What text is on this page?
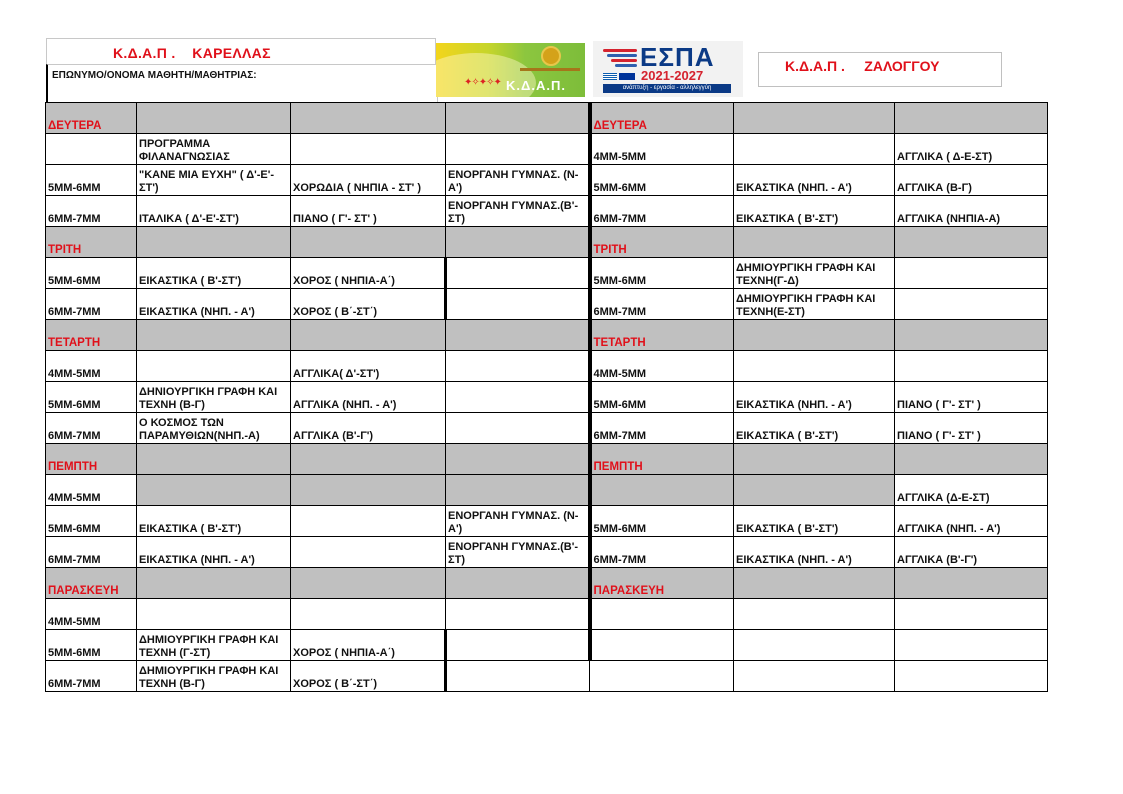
Κ.Δ.Α.Π .    ΚΑΡΕΛΛΑΣ
ΕΠΩΝΥΜΟ/ΟΝΟΜΑ ΜΑΘΗΤΗ/ΜΑΘΗΤΡΙΑΣ:
✦✧✦✧✦ Κ.Δ.Α.Π.
ΕΣΠΑ
2021-2027
ανάπτυξη - εργασία - αλληλεγγύη
Κ.Δ.Α.Π .     ΖΑΛΟΓΓΟΥ
ΔΕΥΤΕΡΑ				ΔΕΥΤΕΡΑ		
	ΠΡΟΓΡΑΜΜΑ ΦΙΛΑΝΑΓΝΩΣΙΑΣ			4ΜΜ-5ΜΜ		ΑΓΓΛΙΚΑ ( Δ-Ε-ΣΤ)
5ΜΜ-6ΜΜ	"ΚΑΝΕ ΜΙΑ ΕΥΧΗ" ( Δ'-Ε'-ΣΤ')	ΧΟΡΩΔΙΑ ( ΝΗΠΙΑ - ΣΤ' )	ΕΝΟΡΓΑΝΗ ΓΥΜΝΑΣ. (Ν-Α')	5ΜΜ-6ΜΜ	ΕΙΚΑΣΤΙΚΑ (ΝΗΠ. - Α')	ΑΓΓΛΙΚΑ (Β-Γ)
6ΜΜ-7ΜΜ	ΙΤΑΛΙΚΑ ( Δ'-Ε'-ΣΤ')	ΠΙΑΝΟ ( Γ'- ΣΤ' )	ΕΝΟΡΓΑΝΗ ΓΥΜΝΑΣ.(Β'-ΣΤ)	6ΜΜ-7ΜΜ	ΕΙΚΑΣΤΙΚΑ ( Β'-ΣΤ')	ΑΓΓΛΙΚΑ (ΝΗΠΙΑ-Α)
ΤΡΙΤΗ				ΤΡΙΤΗ		
5ΜΜ-6ΜΜ	ΕΙΚΑΣΤΙΚΑ ( Β'-ΣΤ')	ΧΟΡΟΣ ( ΝΗΠΙΑ-Α΄)		5ΜΜ-6ΜΜ	ΔΗΜΙΟΥΡΓΙΚΗ ΓΡΑΦΗ ΚΑΙ ΤΕΧΝΗ(Γ-Δ)	
6ΜΜ-7ΜΜ	ΕΙΚΑΣΤΙΚΑ (ΝΗΠ. - Α')	ΧΟΡΟΣ ( Β΄-ΣΤ΄)		6ΜΜ-7ΜΜ	ΔΗΜΙΟΥΡΓΙΚΗ ΓΡΑΦΗ ΚΑΙ ΤΕΧΝΗ(Ε-ΣΤ)	
ΤΕΤΑΡΤΗ				ΤΕΤΑΡΤΗ		
4ΜΜ-5ΜΜ		ΑΓΓΛΙΚΑ( Δ'-ΣΤ')		4ΜΜ-5ΜΜ		
5ΜΜ-6ΜΜ	ΔΗΝΙΟΥΡΓΙΚΗ ΓΡΑΦΗ ΚΑΙ ΤΕΧΝΗ (Β-Γ)	ΑΓΓΛΙΚΑ (ΝΗΠ. - Α')		5ΜΜ-6ΜΜ	ΕΙΚΑΣΤΙΚΑ (ΝΗΠ. - Α')	ΠΙΑΝΟ ( Γ'- ΣΤ' )
6ΜΜ-7ΜΜ	Ο ΚΟΣΜΟΣ ΤΩΝ ΠΑΡΑΜΥΘΙΩΝ(ΝΗΠ.-Α)	ΑΓΓΛΙΚΑ (Β'-Γ')		6ΜΜ-7ΜΜ	ΕΙΚΑΣΤΙΚΑ ( Β'-ΣΤ')	ΠΙΑΝΟ ( Γ'- ΣΤ' )
ΠΕΜΠΤΗ				ΠΕΜΠΤΗ		
4ΜΜ-5ΜΜ						ΑΓΓΛΙΚΑ (Δ-Ε-ΣΤ)
5ΜΜ-6ΜΜ	ΕΙΚΑΣΤΙΚΑ ( Β'-ΣΤ')		ΕΝΟΡΓΑΝΗ ΓΥΜΝΑΣ. (Ν-Α')	5ΜΜ-6ΜΜ	ΕΙΚΑΣΤΙΚΑ ( Β'-ΣΤ')	ΑΓΓΛΙΚΑ (ΝΗΠ. - Α')
6ΜΜ-7ΜΜ	ΕΙΚΑΣΤΙΚΑ (ΝΗΠ. - Α')		ΕΝΟΡΓΑΝΗ ΓΥΜΝΑΣ.(Β'-ΣΤ)	6ΜΜ-7ΜΜ	ΕΙΚΑΣΤΙΚΑ (ΝΗΠ. - Α')	ΑΓΓΛΙΚΑ (Β'-Γ')
ΠΑΡΑΣΚΕΥΗ				ΠΑΡΑΣΚΕΥΗ		
4ΜΜ-5ΜΜ						
5ΜΜ-6ΜΜ	ΔΗΜΙΟΥΡΓΙΚΗ ΓΡΑΦΗ ΚΑΙ ΤΕΧΝΗ (Γ-ΣΤ)	ΧΟΡΟΣ ( ΝΗΠΙΑ-Α΄)				
6ΜΜ-7ΜΜ	ΔΗΜΙΟΥΡΓΙΚΗ ΓΡΑΦΗ ΚΑΙ ΤΕΧΝΗ (Β-Γ)	ΧΟΡΟΣ ( Β΄-ΣΤ΄)				
